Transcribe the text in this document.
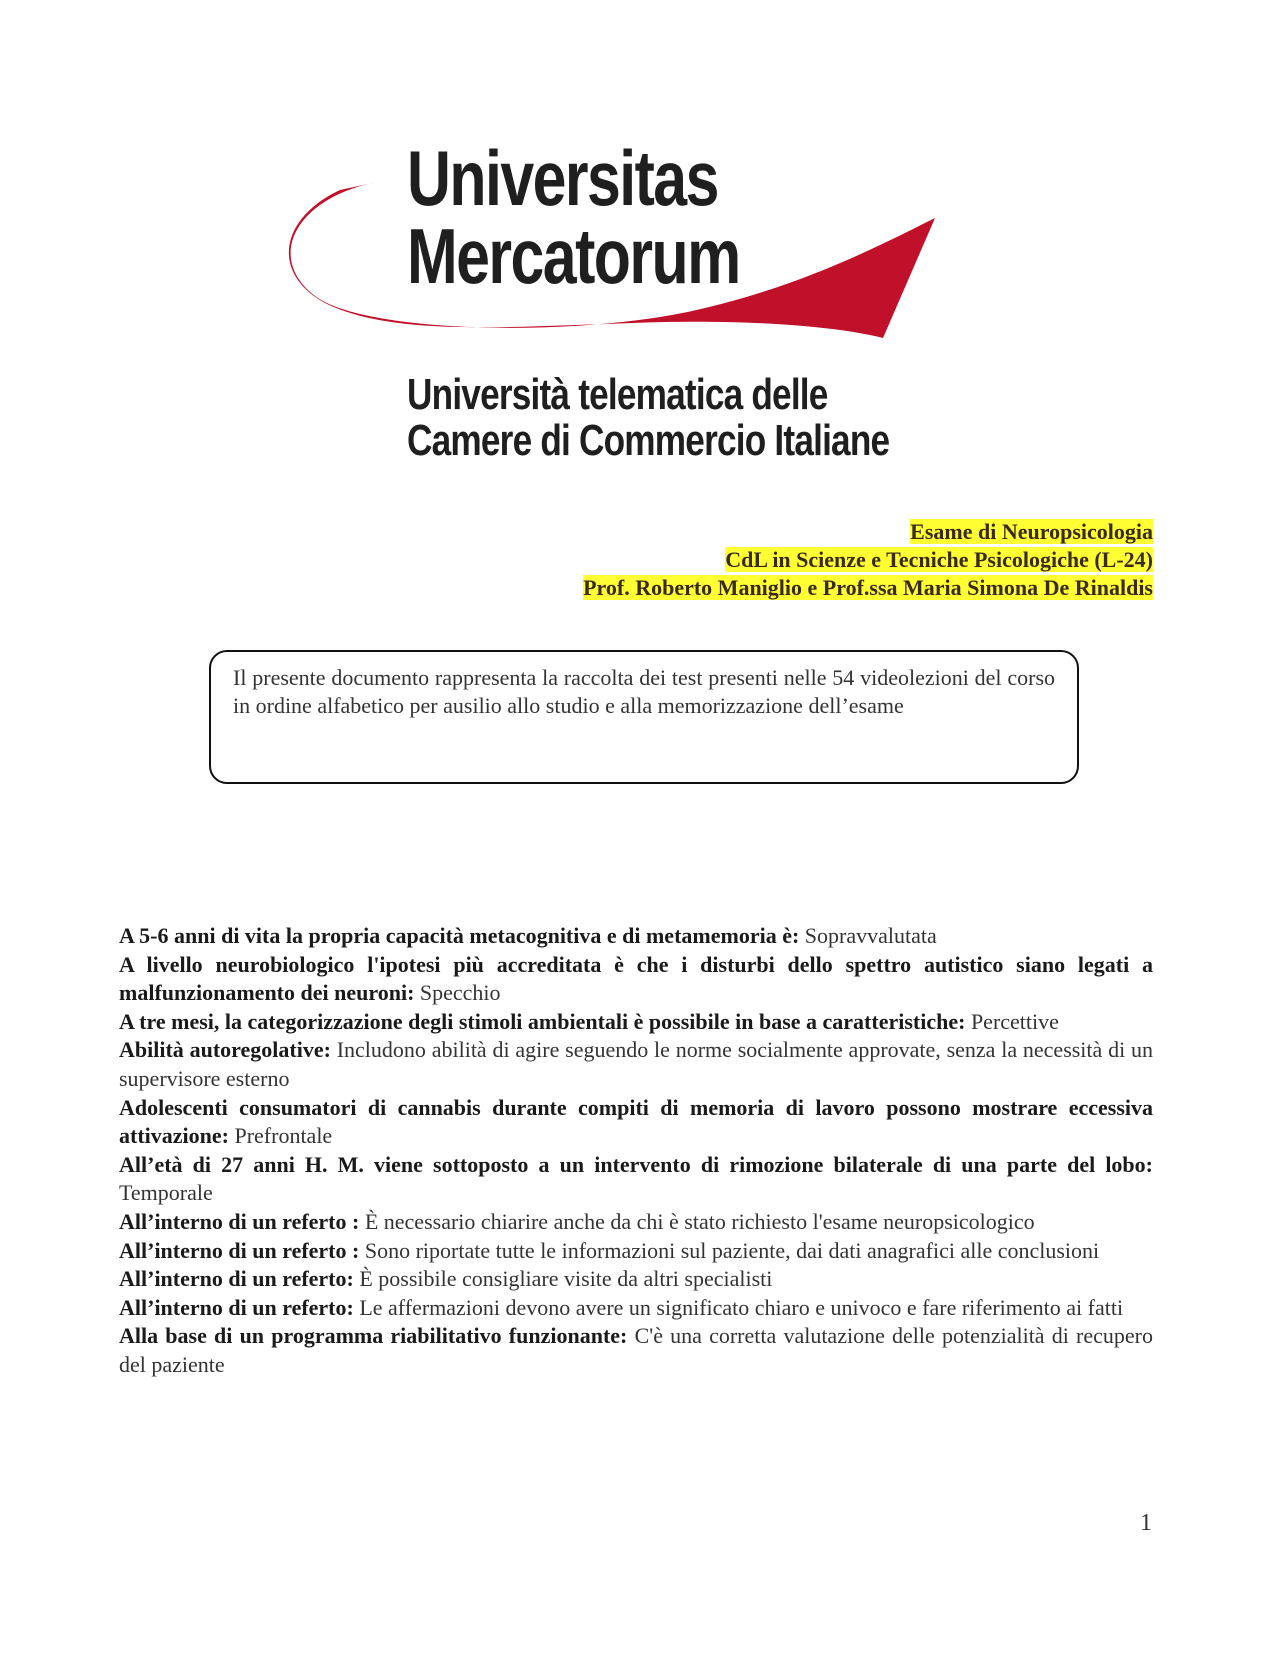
Universitas
Mercatorum
Università telematica delle
Camere di Commercio Italiane
Esame di Neuropsicologia
CdL in Scienze e Tecniche Psicologiche (L-24)
Prof. Roberto Maniglio e Prof.ssa Maria Simona De Rinaldis

Il presente documento rappresenta la raccolta dei test presenti nelle 54 videolezioni del corso in ordine alfabetico per ausilio allo studio e alla memorizzazione dell’esame

A 5-6 anni di vita la propria capacità metacognitiva e di metamemoria è: Sopravvalutata

A livello neurobiologico l'ipotesi più accreditata è che i disturbi dello spettro autistico siano legati a malfunzionamento dei neuroni: Specchio

A tre mesi, la categorizzazione degli stimoli ambientali è possibile in base a caratteristiche: Percettive

Abilità autoregolative: Includono abilità di agire seguendo le norme socialmente approvate, senza la necessità di un supervisore esterno

Adolescenti consumatori di cannabis durante compiti di memoria di lavoro possono mostrare eccessiva attivazione: Prefrontale

All’età di 27 anni H. M. viene sottoposto a un intervento di rimozione bilaterale di una parte del lobo: Temporale

All’interno di un referto : È necessario chiarire anche da chi è stato richiesto l'esame neuropsicologico

All’interno di un referto : Sono riportate tutte le informazioni sul paziente, dai dati anagrafici alle conclusioni

All’interno di un referto: È possibile consigliare visite da altri specialisti

All’interno di un referto: Le affermazioni devono avere un significato chiaro e univoco e fare riferimento ai fatti

Alla base di un programma riabilitativo funzionante: C'è una corretta valutazione delle potenzialità di recupero del paziente

1
